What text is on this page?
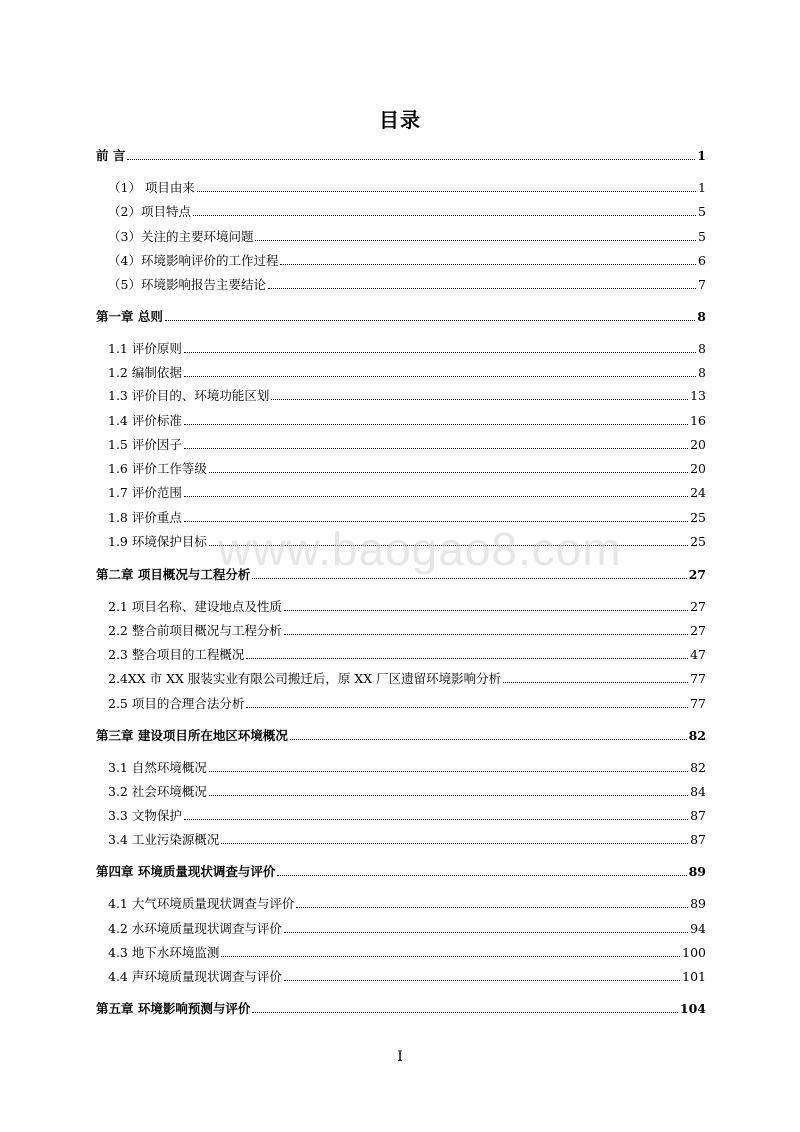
目录
前 言	1
（1） 项目由来	1
（2）项目特点	5
（3）关注的主要环境问题	5
（4）环境影响评价的工作过程	6
（5）环境影响报告主要结论	7
第一章 总则	8
1.1 评价原则	8
1.2 编制依据	8
1.3 评价目的、环境功能区划	13
1.4 评价标准	16
1.5 评价因子	20
1.6 评价工作等级	20
1.7 评价范围	24
1.8 评价重点	25
1.9 环境保护目标	25
第二章 项目概况与工程分析	27
2.1 项目名称、建设地点及性质	27
2.2 整合前项目概况与工程分析	27
2.3 整合项目的工程概况	47
2.4XX 市 XX 服装实业有限公司搬迁后，原 XX 厂区遗留环境影响分析	77
2.5 项目的合理合法分析	77
第三章 建设项目所在地区环境概况	82
3.1 自然环境概况	82
3.2 社会环境概况	84
3.3 文物保护	87
3.4 工业污染源概况	87
第四章 环境质量现状调查与评价	89
4.1 大气环境质量现状调查与评价	89
4.2 水环境质量现状调查与评价	94
4.3 地下水环境监测	100
4.4 声环境质量现状调查与评价	101
第五章 环境影响预测与评价	104
www.baogao8.com
I
